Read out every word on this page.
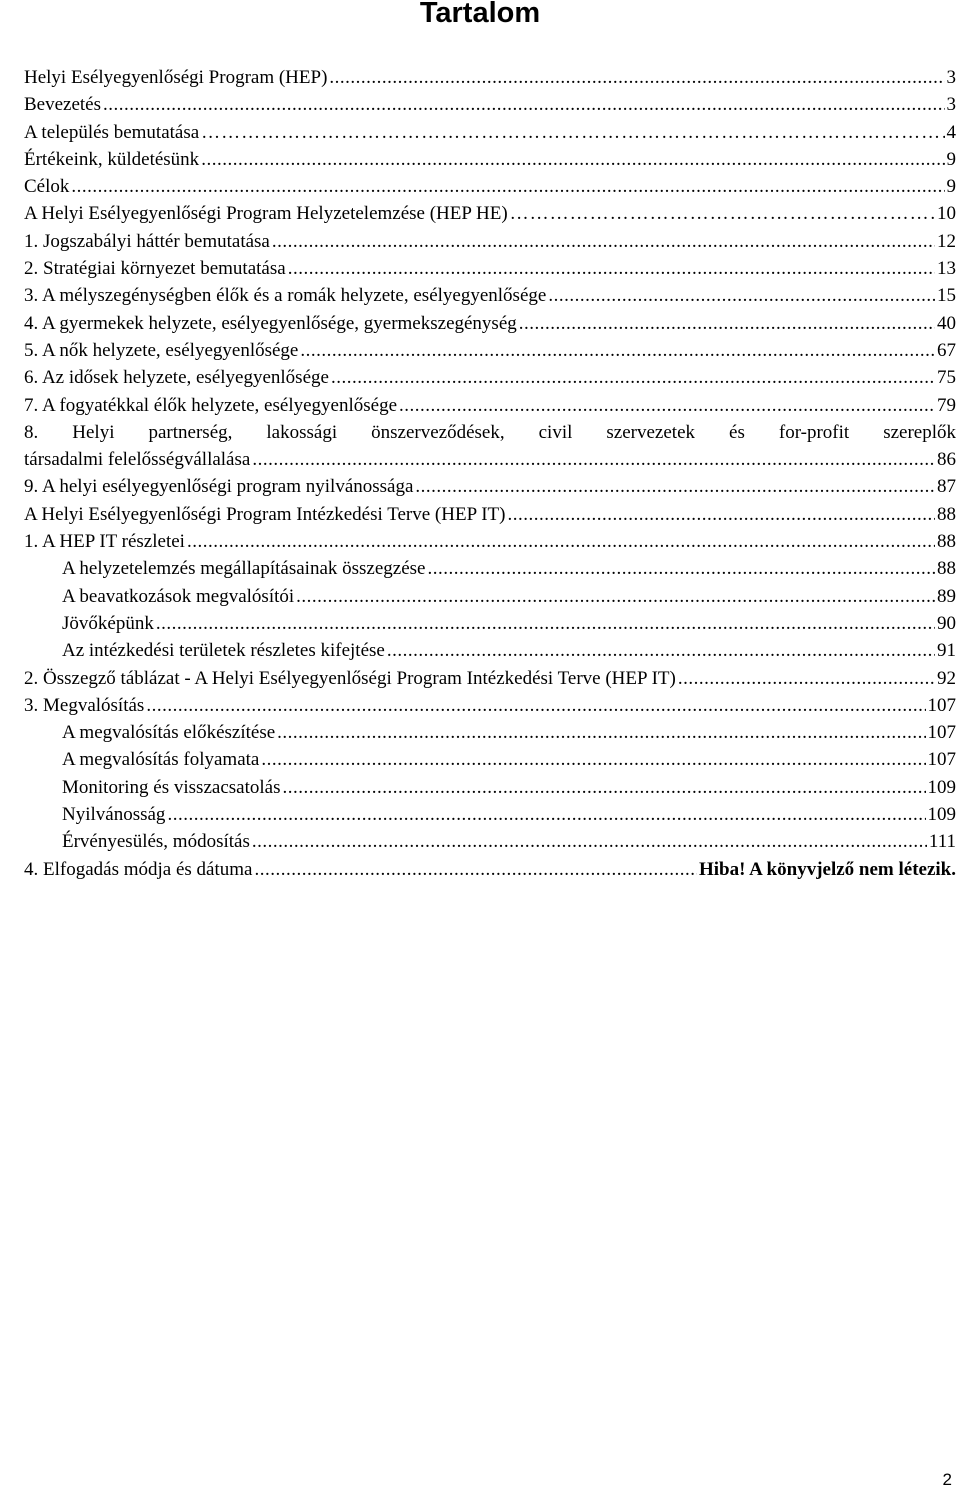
Tartalom
Helyi Esélyegyenlőségi Program (HEP) .....	3
Bevezetés .....	3
A település bemutatása ……………………………………………………………………………………………………………………………………………………	4
Értékeink, küldetésünk .....	9
Célok .....	9
A Helyi Esélyegyenlőségi Program Helyzetelemzése (HEP HE) ……………………………………………………………………………………………………………………………………………………	10
1. Jogszabályi háttér bemutatása .....	12
2. Stratégiai környezet bemutatása .....	13
3. A mélyszegénységben élők és a romák helyzete, esélyegyenlősége .....	15
4. A gyermekek helyzete, esélyegyenlősége, gyermekszegénység .....	40
5. A nők helyzete, esélyegyenlősége .....	67
6. Az idősek helyzete, esélyegyenlősége .....	75
7. A fogyatékkal élők helyzete, esélyegyenlősége .....	79
8. Helyi partnerség, lakossági önszerveződések, civil szervezetek és for-profit szereplők
társadalmi felelősségvállalása .....	86
9. A helyi esélyegyenlőségi program nyilvánossága .....	87
A Helyi Esélyegyenlőségi Program Intézkedési Terve (HEP IT) .....	88
1. A HEP IT részletei .....	88
A helyzetelemzés megállapításainak összegzése .....	88
A beavatkozások megvalósítói .....	89
Jövőképünk .....	90
Az intézkedési területek részletes kifejtése .....	91
2. Összegző táblázat - A Helyi Esélyegyenlőségi Program Intézkedési Terve (HEP IT) .....	92
3. Megvalósítás .....	107
A megvalósítás előkészítése .....	107
A megvalósítás folyamata .....	107
Monitoring és visszacsatolás .....	109
Nyilvánosság .....	109
Érvényesülés, módosítás .....	111
4. Elfogadás módja és dátuma .....	Hiba! A könyvjelző nem létezik.
2
